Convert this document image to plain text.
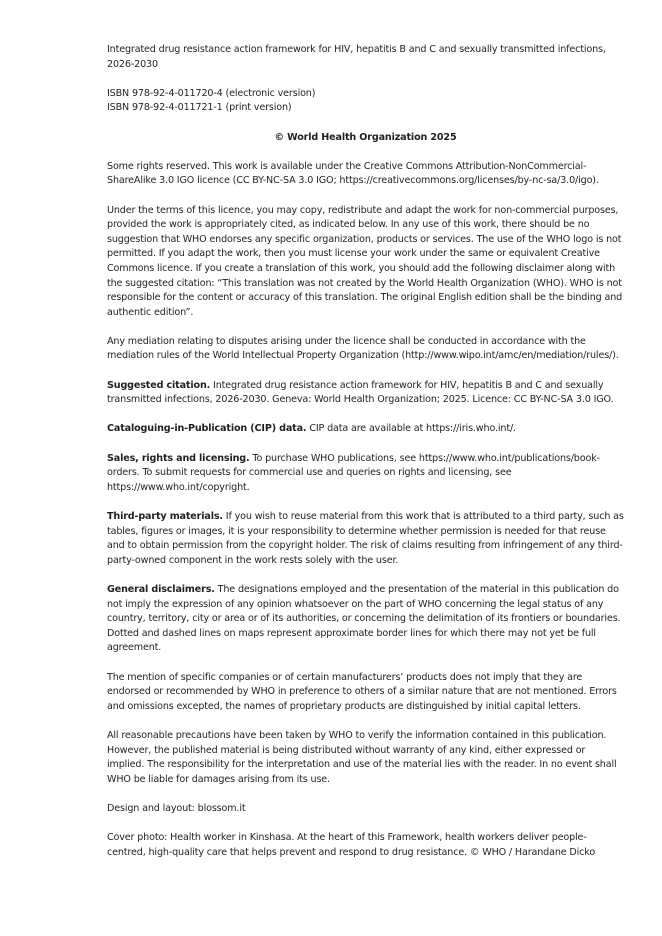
Integrated drug resistance action framework for HIV, hepatitis B and C and sexually transmitted infections, 2026-2030

ISBN 978-92-4-011720-4 (electronic version)

ISBN 978-92-4-011721-1 (print version)

© World Health Organization 2025

Some rights reserved. This work is available under the Creative Commons Attribution-NonCommercial-ShareAlike 3.0 IGO licence (CC BY-NC-SA 3.0 IGO; https://creativecommons.org/licenses/by-nc-sa/3.0/igo).

Under the terms of this licence, you may copy, redistribute and adapt the work for non-commercial purposes, provided the work is appropriately cited, as indicated below. In any use of this work, there should be no suggestion that WHO endorses any specific organization, products or services. The use of the WHO logo is not permitted. If you adapt the work, then you must license your work under the same or equivalent Creative Commons licence. If you create a translation of this work, you should add the following disclaimer along with the suggested citation: “This translation was not created by the World Health Organization (WHO). WHO is not responsible for the content or accuracy of this translation. The original English edition shall be the binding and authentic edition”.

Any mediation relating to disputes arising under the licence shall be conducted in accordance with the mediation rules of the World Intellectual Property Organization (http://www.wipo.int/amc/en/mediation/rules/).

Suggested citation. Integrated drug resistance action framework for HIV, hepatitis B and C and sexually transmitted infections, 2026-2030. Geneva: World Health Organization; 2025. Licence: CC BY-NC-SA 3.0 IGO.

Cataloguing-in-Publication (CIP) data. CIP data are available at https://iris.who.int/.

Sales, rights and licensing. To purchase WHO publications, see https://www.who.int/publications/book-orders. To submit requests for commercial use and queries on rights and licensing, see https://www.who.int/copyright.

Third-party materials. If you wish to reuse material from this work that is attributed to a third party, such as tables, figures or images, it is your responsibility to determine whether permission is needed for that reuse and to obtain permission from the copyright holder. The risk of claims resulting from infringement of any third-party-owned component in the work rests solely with the user.

General disclaimers. The designations employed and the presentation of the material in this publication do not imply the expression of any opinion whatsoever on the part of WHO concerning the legal status of any country, territory, city or area or of its authorities, or concerning the delimitation of its frontiers or boundaries. Dotted and dashed lines on maps represent approximate border lines for which there may not yet be full agreement.

The mention of specific companies or of certain manufacturers’ products does not imply that they are endorsed or recommended by WHO in preference to others of a similar nature that are not mentioned. Errors and omissions excepted, the names of proprietary products are distinguished by initial capital letters.

All reasonable precautions have been taken by WHO to verify the information contained in this publication. However, the published material is being distributed without warranty of any kind, either expressed or implied. The responsibility for the interpretation and use of the material lies with the reader. In no event shall WHO be liable for damages arising from its use.

Design and layout: blossom.it

Cover photo: Health worker in Kinshasa. At the heart of this Framework, health workers deliver people-centred, high-quality care that helps prevent and respond to drug resistance. © WHO / Harandane Dicko
